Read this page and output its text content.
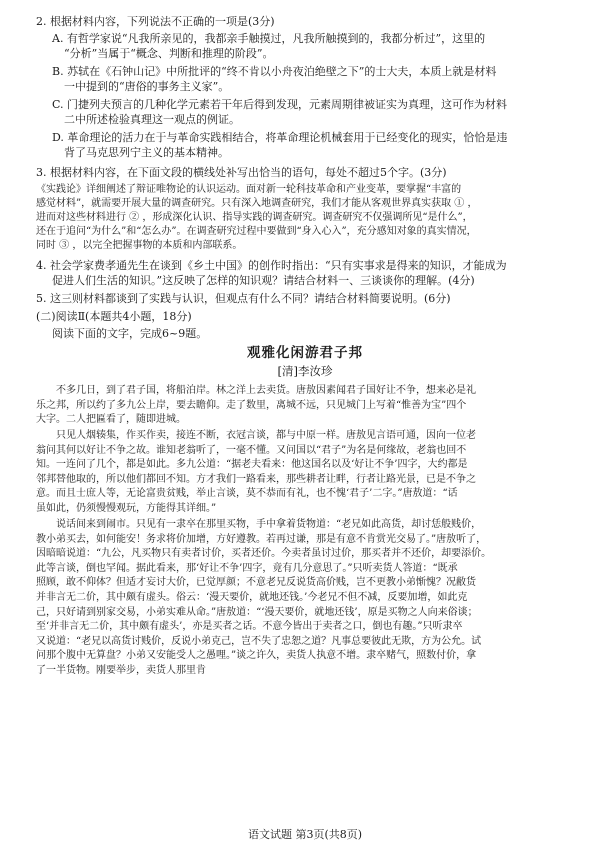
2. 根据材料内容，下列说法不正确的一项是(3分)

A. 有哲学家说“凡我所亲见的，我都亲手触摸过，凡我所触摸到的，我都分析过”，这里的
“分析”当属于“概念、判断和推理的阶段”。
B. 苏轼在《石钟山记》中所批评的“终不肯以小舟夜泊绝壁之下”的士大夫，本质上就是材料
一中提到的“唐俗的事务主义家”。
C. 门捷列夫预言的几种化学元素若干年后得到发现，元素周期律被证实为真理，这可作为材料
二中所述检验真理这一观点的例证。
D. 革命理论的活力在于与革命实践相结合，将革命理论机械套用于已经变化的现实，恰恰是违
背了马克思列宁主义的基本精神。

3. 根据材料内容，在下面文段的横线处补写出恰当的语句，每处不超过5个字。(3分)

《实践论》详细阐述了辩证唯物论的认识运动。面对新一轮科技革命和产业变革，要掌握“丰富的
感觉材料”，就需要开展大量的调查研究。只有深入地调查研究，我们才能从客观世界真实获取 ① ，
进而对这些材料进行 ② ，形成深化认识、指导实践的调查研究。调查研究不仅强调所见“是什么”，
还在于追问“为什么”和“怎么办”。在调查研究过程中要做到“身入心入”，充分感知对象的真实情况，
同时 ③ ，以完全把握事物的本质和内部联系。
4. 社会学家费孝通先生在谈到《乡土中国》的创作时指出：“只有实事求是得来的知识，才能成为
促进人们生活的知识。”这反映了怎样的知识观？请结合材料一、三谈谈你的理解。(4分)

5. 这三则材料都谈到了实践与认识，但观点有什么不同？请结合材料简要说明。(6分)

(二)阅读Ⅱ(本题共4小题，18分)

阅读下面的文字，完成6~9题。

观雅化闲游君子邦

[清]李汝珍

不多几日，到了君子国，将船泊岸。林之洋上去卖货。唐敖因素闻君子国好让不争，想来必是礼
乐之邦，所以约了多九公上岸，要去瞻仰。走了数里，离城不远，只见城门上写着“惟善为宝”四个
大字。二人把匾看了，随即进城。
只见人烟辏集，作买作卖，接连不断，衣冠言谈，都与中原一样。唐敖见言语可通，因向一位老
翁问其何以好让不争之故。谁知老翁听了，一毫不懂。又问国以“君子”为名是何缘故，老翁也回不
知。一连问了几个，都是如此。多九公道：“据老夫看来：他这国名以及‘好让不争’四字，大约都是
邻邦替他取的，所以他们都回不知。方才我们一路看来，那些耕者让畔，行者让路光景，已是不争之
意。而且士庶人等，无论富贵贫贱，举止言谈，莫不恭而有礼，也不愧‘君子’二字。”唐敖道：“话
虽如此，仍须慢慢观玩，方能得其详细。”
说话间来到闹市。只见有一隶卒在那里买物，手中拿着货物道：“老兄如此高货，却讨恁般贱价，
教小弟买去，如何能安！务求将价加增，方好遵教。若再过谦，那是有意不肯赏光交易了。”唐敖听了，
因暗暗说道：“九公，凡买物只有卖者讨价，买者还价。今卖者虽讨过价，那买者并不还价，却要添价。
此等言谈，倒也罕闻。据此看来，那‘好让不争’四字，竟有几分意思了。”只听卖货人答道：“既承
照顾，敢不仰体？但适才妄讨大价，已觉厚颜；不意老兄反说货高价贱，岂不更教小弟惭愧？况敝货
并非言无二价，其中颇有虚头。俗云：‘漫天要价，就地还钱。’今老兄不但不减，反要加增，如此克
己，只好请到别家交易，小弟实难从命。”唐敖道：“‘漫天要价，就地还钱’，原是买物之人向来俗谈；
至‘并非言无二价，其中颇有虚头’，亦是买者之话。不意今皆出于卖者之口，倒也有趣。”只听隶卒
又说道：“老兄以高货讨贱价，反说小弟克己，岂不失了忠恕之道？凡事总要彼此无欺，方为公允。试
问那个腹中无算盘？小弟又安能受人之愚哩。”谈之许久，卖货人执意不增。隶卒赌气，照数付价，拿
了一半货物。刚要举步，卖货人那里肯

语文试题 第3页(共8页)
